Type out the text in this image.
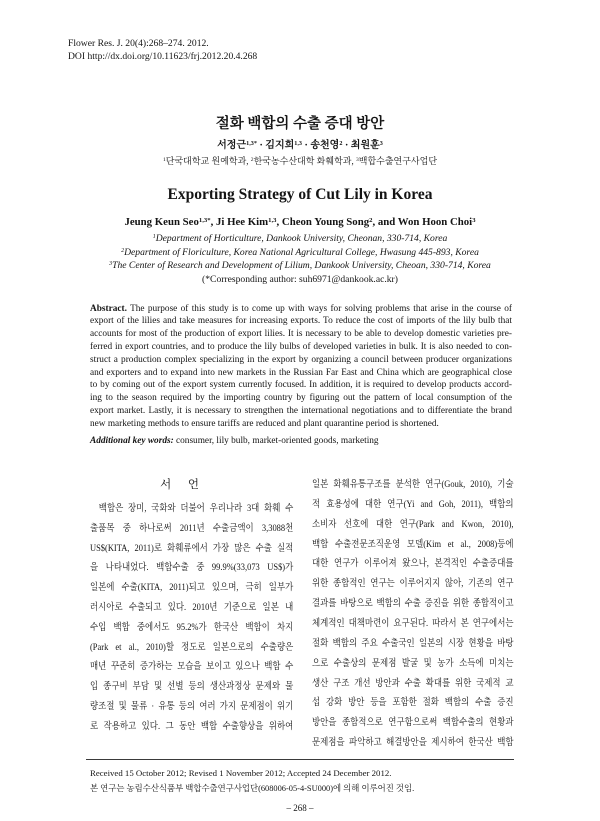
Flower Res. J. 20(4):268–274. 2012.
DOI http://dx.doi.org/10.11623/frj.2012.20.4.268
절화 백합의 수출 증대 방안
서정근$^{1,3*}$ · 김지희$^{1,3}$ · 송천영$^2$ · 최원훈$^3$
$^1$단국대학교 원예학과, $^2$한국농수산대학 화훼학과, $^3$백합수출연구사업단
Exporting Strategy of Cut Lily in Korea
Jeung Keun Seo$^{1,3*}$, Ji Hee Kim$^{1,3}$, Cheon Young Song$^2$, and Won Hoon Choi$^3$
$^1$Department of Horticulture, Dankook University, Cheonan, 330-714, Korea
$^2$Department of Floriculture, Korea National Agricultural College, Hwasung 445-893, Korea
$^3$The Center of Research and Development of Lilium, Dankook University, Cheoan, 330-714, Korea
(*Corresponding author: suh6971@dankook.ac.kr)
Abstract. The purpose of this study is to come up with ways for solving problems that arise in the course of
export of the lilies and take measures for increasing exports. To reduce the cost of imports of the lily bulb that
accounts for most of the production of export lilies. It is necessary to be able to develop domestic varieties pre-
ferred in export countries, and to produce the lily bulbs of developed varieties in bulk. It is also needed to con-
struct a production complex specializing in the export by organizing a council between producer organizations
and exporters and to expand into new markets in the Russian Far East and China which are geographical close
to by coming out of the export system currently focused. In addition, it is required to develop products accord-
ing to the season required by the importing country by figuring out the pattern of local consumption of the
export market. Lastly, it is necessary to strengthen the international negotiations and to differentiate the brand
new marketing methods to ensure tariffs are reduced and plant quarantine period is shortened.
Additional key words: consumer, lily bulb, market-oriented goods, marketing
서 언
백합은 장미, 국화와 더불어 우리나라 3대 화훼 수
출품목 중 하나로써 2011년 수출금액이 3,3088천
US$(KITA, 2011)로 화훼류에서 가장 많은 수출 실적
을 나타내었다. 백합수출 중 99.9%(33,073 US$)가
일본에 수출(KITA, 2011)되고 있으며, 극히 일부가
러시아로 수출되고 있다. 2010년 기준으로 일본 내
수입 백합 중에서도 95.2%가 한국산 백합이 차지
(Park et al., 2010)할 정도로 일본으로의 수출량은
매년 꾸준히 증가하는 모습을 보이고 있으나 백합 수
입 종구비 부담 및 선별 등의 생산과정상 문제와 물
량조절 및 물류 · 유통 등의 여러 가지 문제점이 위기
로 작용하고 있다. 그 동안 백합 수출향상을 위하여
일본 화훼유통구조를 분석한 연구(Gouk, 2010), 기술
적 효용성에 대한 연구(Yi and Goh, 2011), 백합의
소비자 선호에 대한 연구(Park and Kwon, 2010),
백합 수출전문조직운영 모델(Kim et al., 2008)등에
대한 연구가 이루어져 왔으나, 본격적인 수출증대를
위한 종합적인 연구는 이루어지지 않아, 기존의 연구
결과를 바탕으로 백합의 수출 증진을 위한 종합적이고
체계적인 대책마련이 요구된다. 따라서 본 연구에서는
절화 백합의 주요 수출국인 일본의 시장 현황을 바탕
으로 수출상의 문제점 발굴 및 농가 소득에 미치는
생산 구조 개선 방안과 수출 확대를 위한 국제적 교
섭 강화 방안 등을 포함한 절화 백합의 수출 증진
방안을 종합적으로 연구함으로써 백합수출의 현황과
문제점을 파악하고 해결방안을 제시하여 한국산 백합
Received 15 October 2012; Revised 1 November 2012; Accepted 24 December 2012.
본 연구는 농림수산식품부 백합수출연구사업단(608006-05-4-SU000)에 의해 이루어진 것임.
– 268 –
